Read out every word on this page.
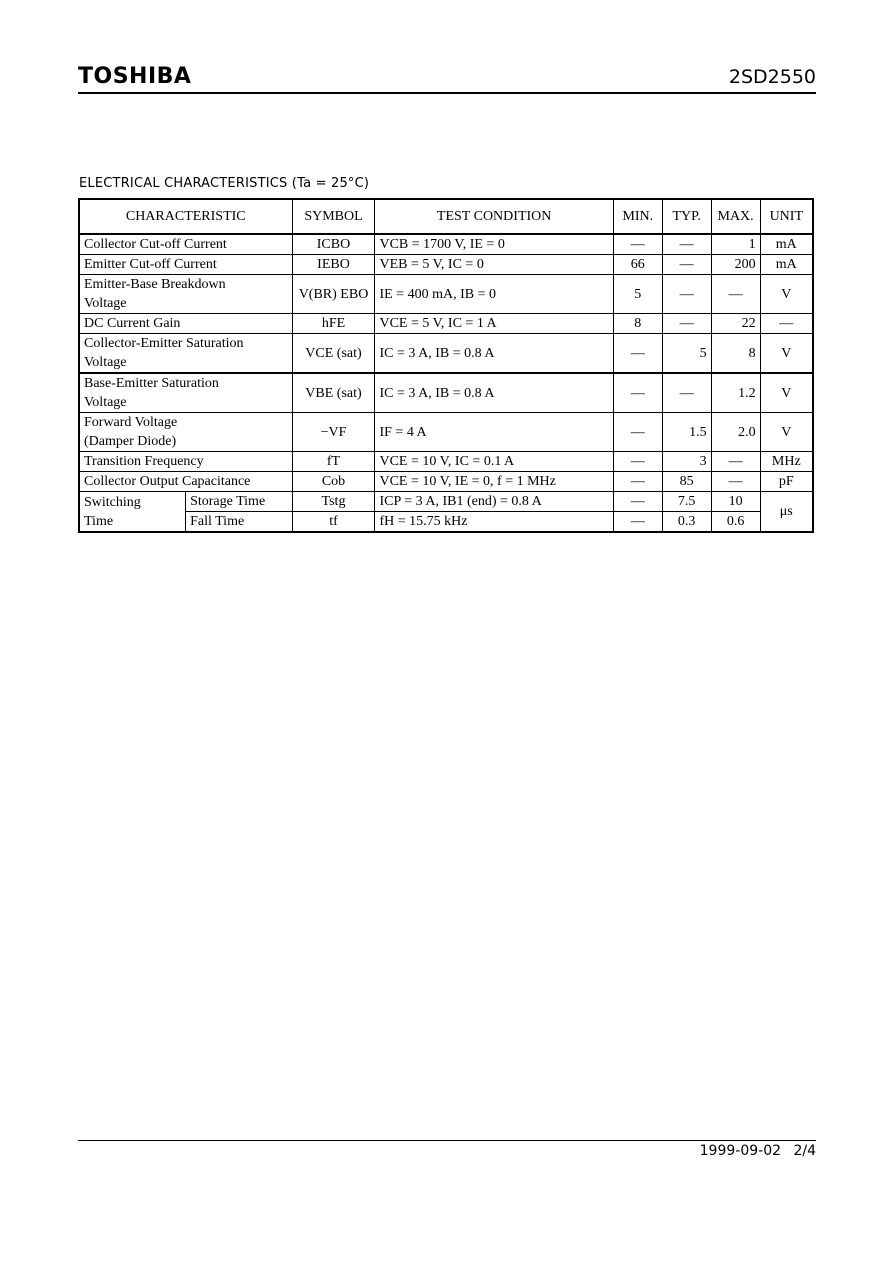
TOSHIBA	2SD2550
ELECTRICAL CHARACTERISTICS (Ta = 25°C)
CHARACTERISTIC		SYMBOL	TEST CONDITION	MIN.	TYP.	MAX.	UNIT
Collector Cut-off Current		ICBO	VCB = 1700 V, IE = 0	—	—	1	mA
Emitter Cut-off Current		IEBO	VEB = 5 V, IC = 0	66	—	200	mA
Emitter-Base Breakdown
Voltage		V(BR) EBO	IE = 400 mA, IB = 0	5	—	—	V
DC Current Gain		hFE	VCE = 5 V, IC = 1 A	8	—	22	—
Collector-Emitter Saturation
Voltage		VCE (sat)	IC = 3 A, IB = 0.8 A	—	5	8	V
Base-Emitter Saturation
Voltage		VBE (sat)	IC = 3 A, IB = 0.8 A	—	—	1.2	V
Forward Voltage
(Damper Diode)		−VF	IF = 4 A	—	1.5	2.0	V
Transition Frequency		fT	VCE = 10 V, IC = 0.1 A	—	3	—	MHz
Collector Output Capacitance		Cob	VCE = 10 V, IE = 0, f = 1 MHz	—	85	—	pF
Switching
Time	Storage Time	Tstg	ICP = 3 A, IB1 (end) = 0.8 A	—	7.5	10	μs
	Fall Time	tf	fH = 15.75 kHz	—	0.3	0.6	
1999-09-02 2/4
